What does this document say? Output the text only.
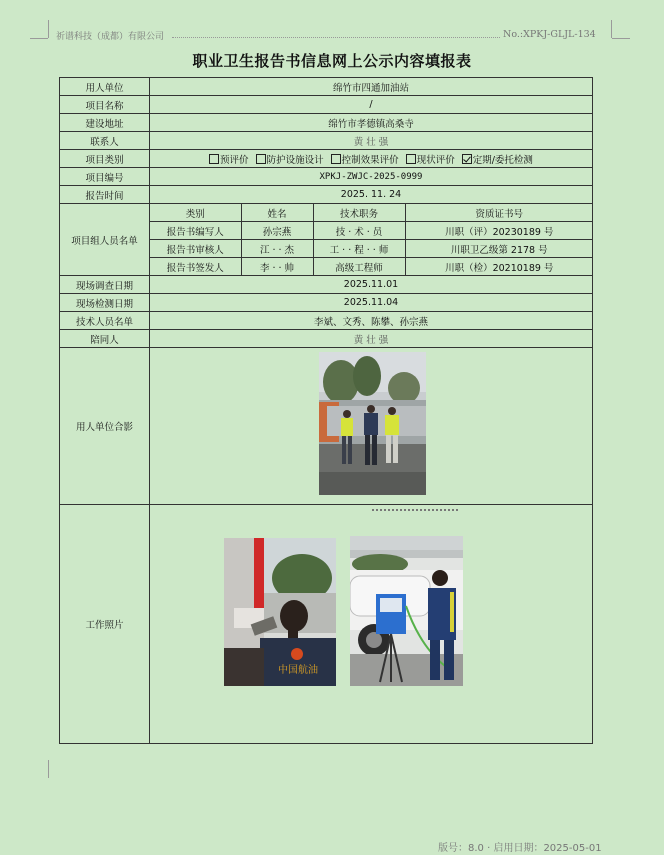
祈谱科技（成都）有限公司	No.:XPKJ-GLJL-134
职业卫生报告书信息网上公示内容填报表
用人单位	绵竹市四通加油站
项目名称	/
建设地址	绵竹市孝德镇高桑寺
联系人	黄 壮 强
项目类别	预评价 防护设施设计 控制效果评价 现状评价 定期/委托检测
项目编号	XPKJ-ZWJC-2025-0999
报告时间	2025. 11. 24
项目组人员名单	
类别	姓名	技术职务	资质证书号
报告书编写人	孙宗燕	技 · 术 · 员	川职（评）20230189 号
报告书审核人	江 · · 杰	工 · · 程 · · 师	川职卫乙级第 2178 号
报告书签发人	李 · · 帅	高级工程师	川职（检）20210189 号

现场调查日期	2025.11.01
现场检测日期	2025.11.04
技术人员名单	李斌、文秀、陈攀、孙宗燕
陪同人	黄 壮 强
用人单位合影	
工作照片	
中国航油
版号：8.0 · 启用日期：2025-05-01
